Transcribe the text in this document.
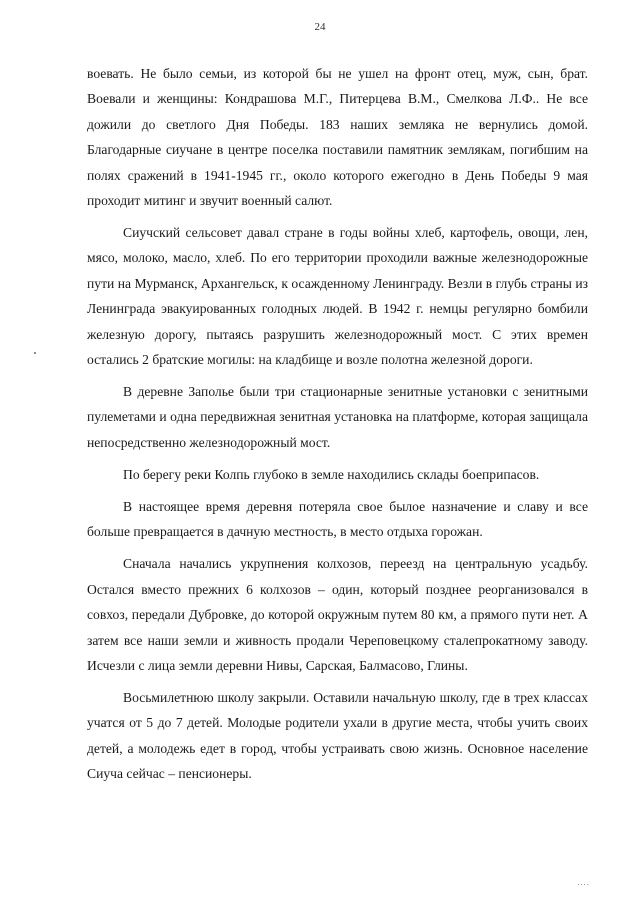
24

воевать. Не было семьи, из которой бы не ушел на фронт отец, муж, сын, брат. Воевали и женщины: Кондрашова М.Г., Питерцева В.М., Смелкова Л.Ф.. Не все дожили до светлого Дня Победы. 183 наших земляка не вернулись домой. Благодарные сиучане в центре поселка поставили памятник землякам, погибшим на полях сражений в 1941-1945 гг., около которого ежегодно в День Победы 9 мая проходит митинг и звучит военный салют.

Сиучский сельсовет давал стране в годы войны хлеб, картофель, овощи, лен, мясо, молоко, масло, хлеб. По его территории проходили важные железнодорожные пути на Мурманск, Архангельск, к осажденному Ленинграду. Везли в глубь страны из Ленинграда эвакуированных голодных людей. В 1942 г. немцы регулярно бомбили железную дорогу, пытаясь разрушить железнодорожный мост. С этих времен остались 2 братские могилы: на кладбище и возле полотна железной дороги.

В деревне Заполье были три стационарные зенитные установки с зенитными пулеметами и одна передвижная зенитная установка на платформе, которая защищала непосредственно железнодорожный мост.

По берегу реки Колпь глубоко в земле находились склады боеприпасов.

В настоящее время деревня потеряла свое былое назначение и славу и все больше превращается в дачную местность, в место отдыха горожан.

Сначала начались укрупнения колхозов, переезд на центральную усадьбу. Остался вместо прежних 6 колхозов – один, который позднее реорганизовался в совхоз, передали Дубровке, до которой окружным путем 80 км, а прямого пути нет. А затем все наши земли и живность продали Череповецкому сталепрокатному заводу. Исчезли с лица земли деревни Нивы, Сарская, Балмасово, Глины.

Восьмилетнюю школу закрыли. Оставили начальную школу, где в трех классах учатся от 5 до 7 детей. Молодые родители ухали в другие места, чтобы учить своих детей, а молодежь едет в город, чтобы устраивать свою жизнь. Основное население Сиуча сейчас – пенсионеры.

....
